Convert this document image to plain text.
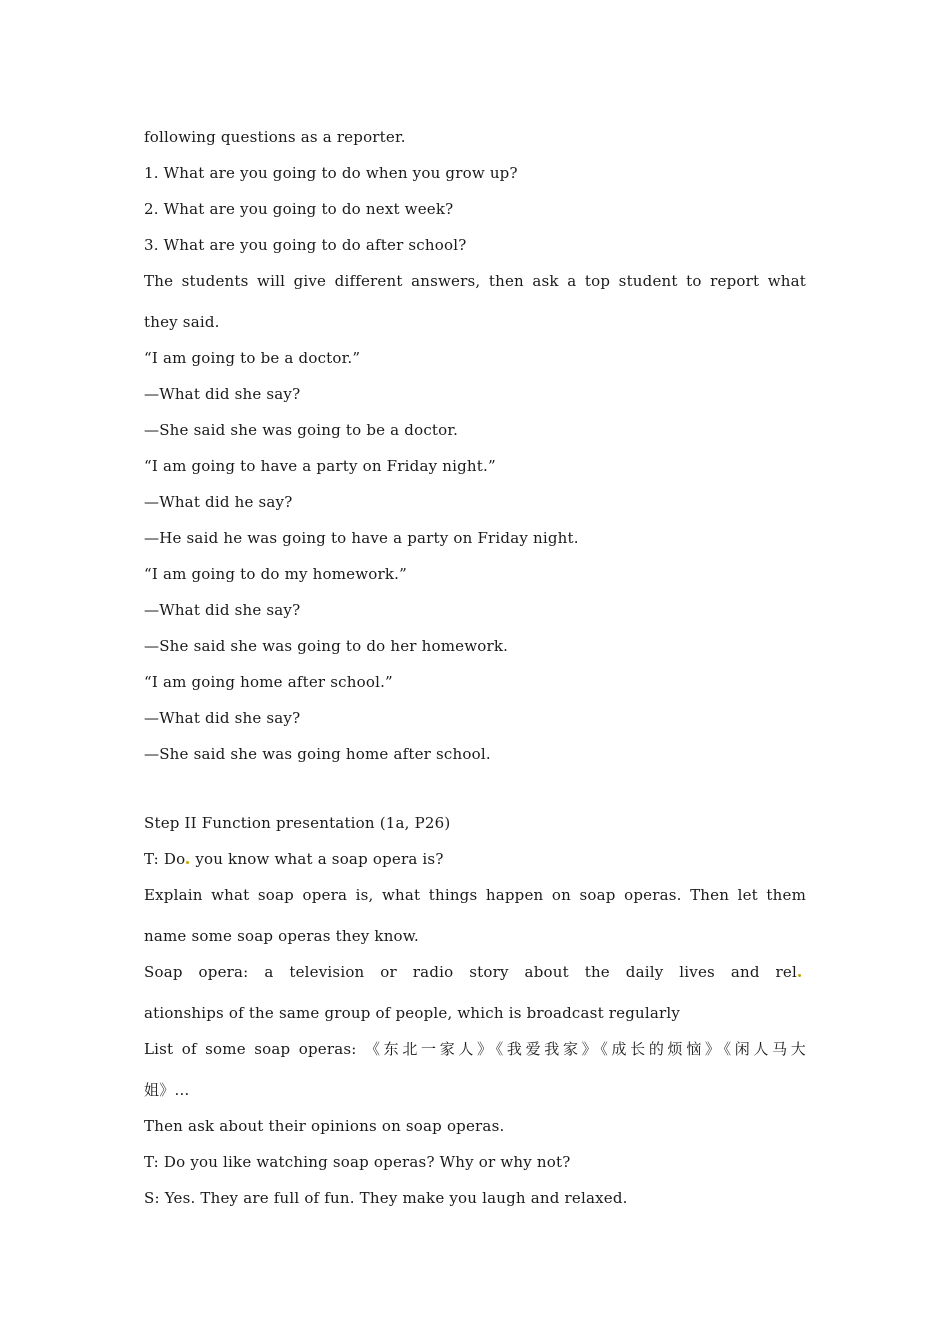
following questions as a reporter.
1. What are you going to do when you grow up?
2. What are you going to do next week?
3. What are you going to do after school?
The students will give different answers, then ask a top student to report what
they said.
“I am going to be a doctor.”
—What did she say?
—She said she was going to be a doctor.
“I am going to have a party on Friday night.”
—What did he say?
—He said he was going to have a party on Friday night.
“I am going to do my homework.”
—What did she say?
—She said she was going to do her homework.
“I am going home after school.”
—What did she say?
—She said she was going home after school.
Step II Function presentation (1a, P26)
T: Do you know what a soap opera is?
Explain what soap opera is, what things happen on soap operas. Then let them
name some soap operas they know.
Soap opera: a television or radio story about the daily lives and rel
ationships of the same group of people, which is broadcast regularly
List of some soap operas: 《东北一家人》《我爱我家》《成长的烦恼》《闲人马大
姐》…
Then ask about their opinions on soap operas.
T: Do you like watching soap operas? Why or why not?
S: Yes. They are full of fun. They make you laugh and relaxed.
